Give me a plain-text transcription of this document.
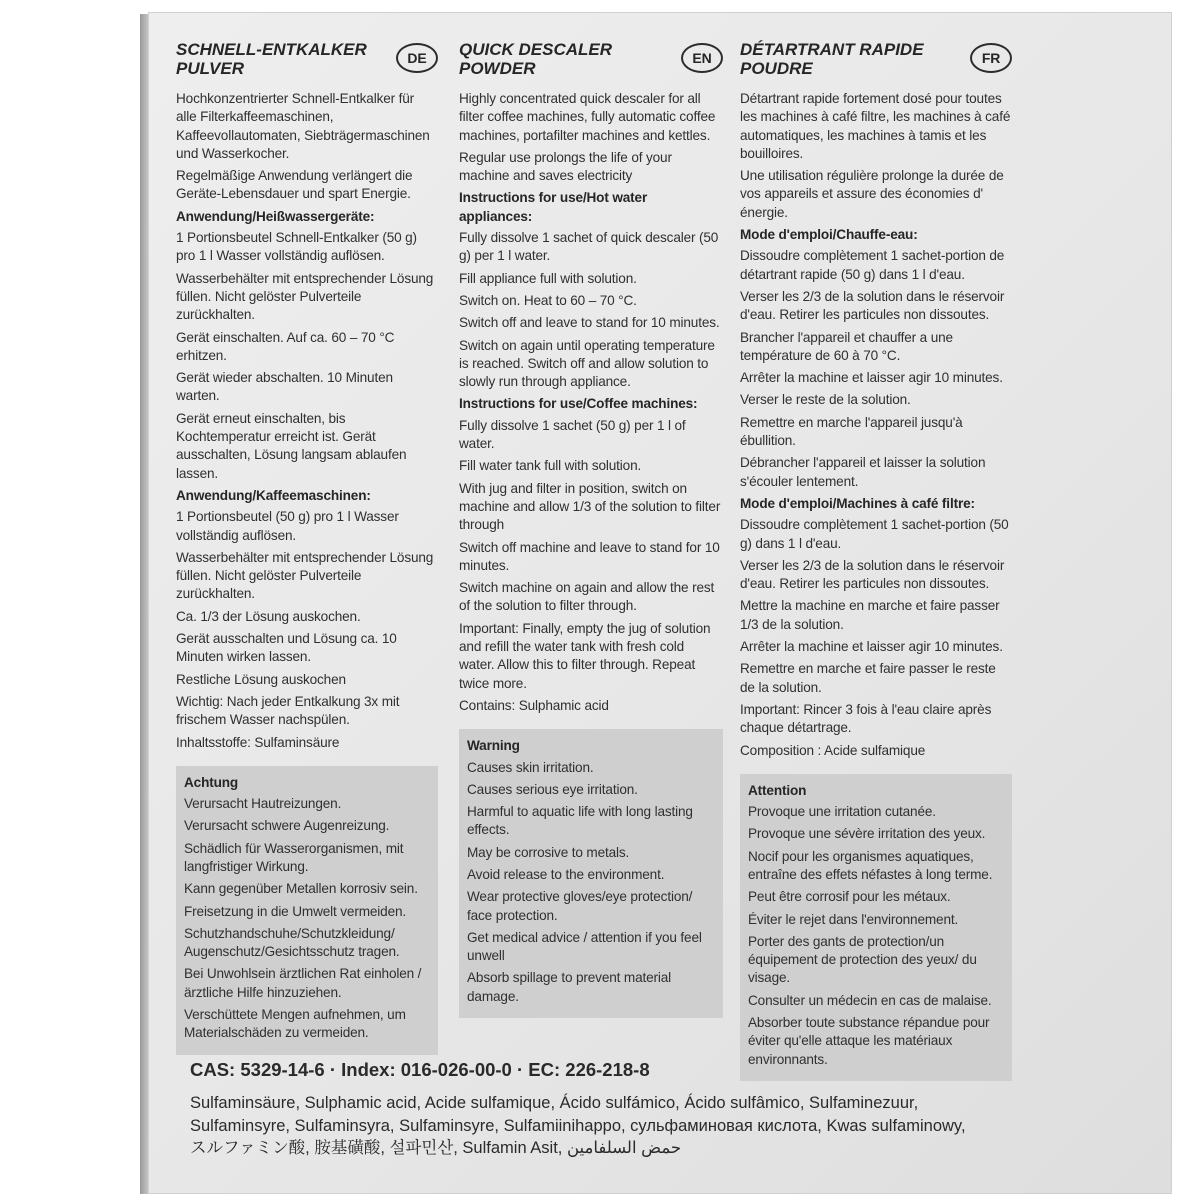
SCHNELL-ENTKALKER PULVER
DE
Hochkonzentrierter Schnell-Entkalker für alle Filterkaffeemaschinen, Kaffeevollautomaten, Siebträgermaschinen und Wasserkocher.
Regelmäßige Anwendung verlängert die Geräte-Lebensdauer und spart Energie.
Anwendung/Heißwassergeräte:
1 Portionsbeutel Schnell-Entkalker (50 g) pro 1 l Wasser vollständig auflösen.
Wasserbehälter mit entsprechender Lösung füllen. Nicht gelöster Pulverteile zurückhalten.
Gerät einschalten. Auf ca. 60 – 70 °C erhitzen.
Gerät wieder abschalten. 10 Minuten warten.
Gerät erneut einschalten, bis Kochtemperatur erreicht ist. Gerät ausschalten, Lösung langsam ablaufen lassen.
Anwendung/Kaffeemaschinen:
1 Portionsbeutel (50 g) pro 1 l Wasser vollständig auflösen.
Wasserbehälter mit entsprechender Lösung füllen. Nicht gelöster Pulverteile zurückhalten.
Ca. 1/3 der Lösung auskochen.
Gerät ausschalten und Lösung ca. 10 Minuten wirken lassen.
Restliche Lösung auskochen
Wichtig: Nach jeder Entkalkung 3x mit frischem Wasser nachspülen.
Inhaltsstoffe: Sulfaminsäure
Achtung
Verursacht Hautreizungen.
Verursacht schwere Augenreizung.
Schädlich für Wasserorganismen, mit langfristiger Wirkung.
Kann gegenüber Metallen korrosiv sein.
Freisetzung in die Umwelt vermeiden.
Schutzhandschuhe/Schutzkleidung/ Augenschutz/Gesichtsschutz tragen.
Bei Unwohlsein ärztlichen Rat einholen / ärztliche Hilfe hinzuziehen.
Verschüttete Mengen aufnehmen, um Materialschäden zu vermeiden.
QUICK DESCALER POWDER
EN
Highly concentrated quick descaler for all filter coffee machines, fully automatic coffee machines, portafilter machines and kettles.
Regular use prolongs the life of your machine and saves electricity
Instructions for use/Hot water appliances:
Fully dissolve 1 sachet of quick descaler (50 g) per 1 l water.
Fill appliance full with solution.
Switch on. Heat to 60 – 70 °C.
Switch off and leave to stand for 10 minutes.
Switch on again until operating temperature is reached. Switch off and allow solution to slowly run through appliance.
Instructions for use/Coffee machines:
Fully dissolve 1 sachet (50 g) per 1 l of water.
Fill water tank full with solution.
With jug and filter in position, switch on machine and allow 1/3 of the solution to filter through
Switch off machine and leave to stand for 10 minutes.
Switch machine on again and allow the rest of the solution to filter through.
Important: Finally, empty the jug of solution and refill the water tank with fresh cold water. Allow this to filter through. Repeat twice more.
Contains: Sulphamic acid
Warning
Causes skin irritation.
Causes serious eye irritation.
Harmful to aquatic life with long lasting effects.
May be corrosive to metals.
Avoid release to the environment.
Wear protective gloves/eye protection/ face protection.
Get medical advice / attention if you feel unwell
Absorb spillage to prevent material damage.
DÉTARTRANT RAPIDE POUDRE
FR
Détartrant rapide fortement dosé pour toutes les machines à café filtre, les machines à café automatiques, les machines à tamis et les bouilloires.
Une utilisation régulière prolonge la durée de vos appareils et assure des économies d' énergie.
Mode d'emploi/Chauffe-eau:
Dissoudre complètement 1 sachet-portion de détartrant rapide (50 g) dans 1 l d'eau.
Verser les 2/3 de la solution dans le réservoir d'eau. Retirer les particules non dissoutes.
Brancher l'appareil et chauffer a une température de 60 à 70 °C.
Arrêter la machine et laisser agir 10 minutes.
Verser le reste de la solution.
Remettre en marche l'appareil jusqu'à ébullition.
Débrancher l'appareil et laisser la solution s'écouler lentement.
Mode d'emploi/Machines à café filtre:
Dissoudre complètement 1 sachet-portion (50 g) dans 1 l d'eau.
Verser les 2/3 de la solution dans le réservoir d'eau. Retirer les particules non dissoutes.
Mettre la machine en marche et faire passer 1/3 de la solution.
Arrêter la machine et laisser agir 10 minutes.
Remettre en marche et faire passer le reste de la solution.
Important: Rincer 3 fois à l'eau claire après chaque détartrage.
Composition : Acide sulfamique
Attention
Provoque une irritation cutanée.
Provoque une sévère irritation des yeux.
Nocif pour les organismes aquatiques, entraîne des effets néfastes à long terme.
Peut être corrosif pour les métaux.
Éviter le rejet dans l'environnement.
Porter des gants de protection/un équipement de protection des yeux/ du visage.
Consulter un médecin en cas de malaise.
Absorber toute substance répandue pour éviter qu'elle attaque les matériaux environnants.
CAS: 5329-14-6 · Index: 016-026-00-0 · EC: 226-218-8
Sulfaminsäure, Sulphamic acid, Acide sulfamique, Ácido sulfámico, Ácido sulfâmico, Sulfaminezuur,
Sulfaminsyre, Sulfaminsyra, Sulfaminsyre, Sulfamiinihappo, сульфаминовая кислота, Kwas sulfaminowy,
スルファミン酸, 胺基磺酸, 설파민산, Sulfamin Asit, حمض السلفامين
